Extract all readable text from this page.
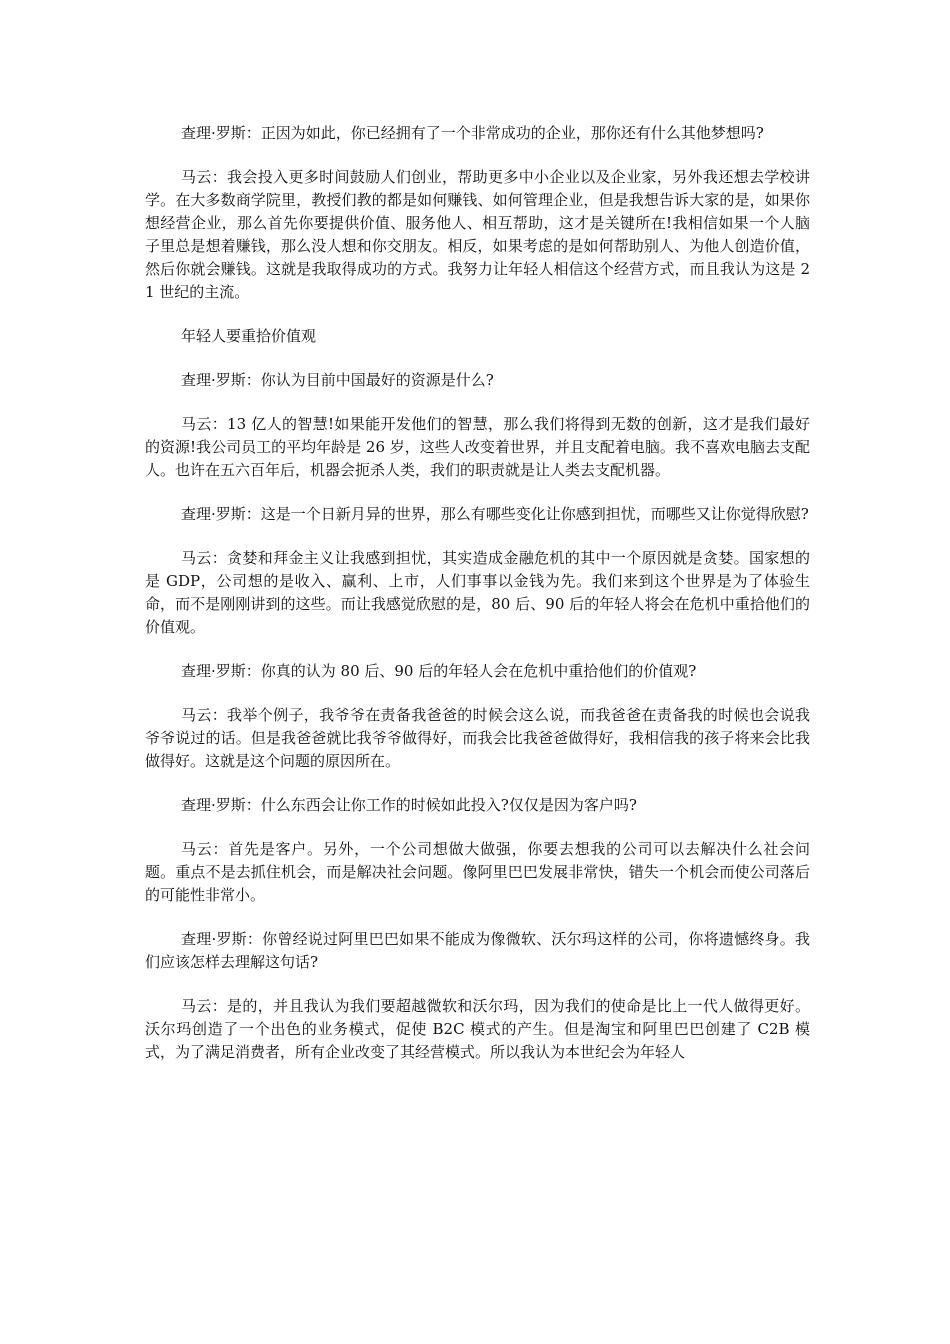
查理·罗斯：正因为如此，你已经拥有了一个非常成功的企业，那你还有什么其他梦想吗?

马云：我会投入更多时间鼓励人们创业，帮助更多中小企业以及企业家，另外我还想去学校讲学。在大多数商学院里，教授们教的都是如何赚钱、如何管理企业，但是我想告诉大家的是，如果你想经营企业，那么首先你要提供价值、服务他人、相互帮助，这才是关键所在!我相信如果一个人脑子里总是想着赚钱，那么没人想和你交朋友。相反，如果考虑的是如何帮助别人、为他人创造价值，然后你就会赚钱。这就是我取得成功的方式。我努力让年轻人相信这个经营方式，而且我认为这是 21 世纪的主流。

年轻人要重拾价值观

查理·罗斯：你认为目前中国最好的资源是什么?

马云：13 亿人的智慧!如果能开发他们的智慧，那么我们将得到无数的创新，这才是我们最好的资源!我公司员工的平均年龄是 26 岁，这些人改变着世界，并且支配着电脑。我不喜欢电脑去支配人。也许在五六百年后，机器会扼杀人类，我们的职责就是让人类去支配机器。

查理·罗斯：这是一个日新月异的世界，那么有哪些变化让你感到担忧，而哪些又让你觉得欣慰?

马云：贪婪和拜金主义让我感到担忧，其实造成金融危机的其中一个原因就是贪婪。国家想的是 GDP，公司想的是收入、赢利、上市，人们事事以金钱为先。我们来到这个世界是为了体验生命，而不是刚刚讲到的这些。而让我感觉欣慰的是，80 后、90 后的年轻人将会在危机中重拾他们的价值观。

查理·罗斯：你真的认为 80 后、90 后的年轻人会在危机中重拾他们的价值观?

马云：我举个例子，我爷爷在责备我爸爸的时候会这么说，而我爸爸在责备我的时候也会说我爷爷说过的话。但是我爸爸就比我爷爷做得好，而我会比我爸爸做得好，我相信我的孩子将来会比我做得好。这就是这个问题的原因所在。

查理·罗斯：什么东西会让你工作的时候如此投入?仅仅是因为客户吗?

马云：首先是客户。另外，一个公司想做大做强，你要去想我的公司可以去解决什么社会问题。重点不是去抓住机会，而是解决社会问题。像阿里巴巴发展非常快，错失一个机会而使公司落后的可能性非常小。

查理·罗斯：你曾经说过阿里巴巴如果不能成为像微软、沃尔玛这样的公司，你将遗憾终身。我们应该怎样去理解这句话?

马云：是的，并且我认为我们要超越微软和沃尔玛，因为我们的使命是比上一代人做得更好。沃尔玛创造了一个出色的业务模式，促使 B2C 模式的产生。但是淘宝和阿里巴巴创建了 C2B 模式，为了满足消费者，所有企业改变了其经营模式。所以我认为本世纪会为年轻人
